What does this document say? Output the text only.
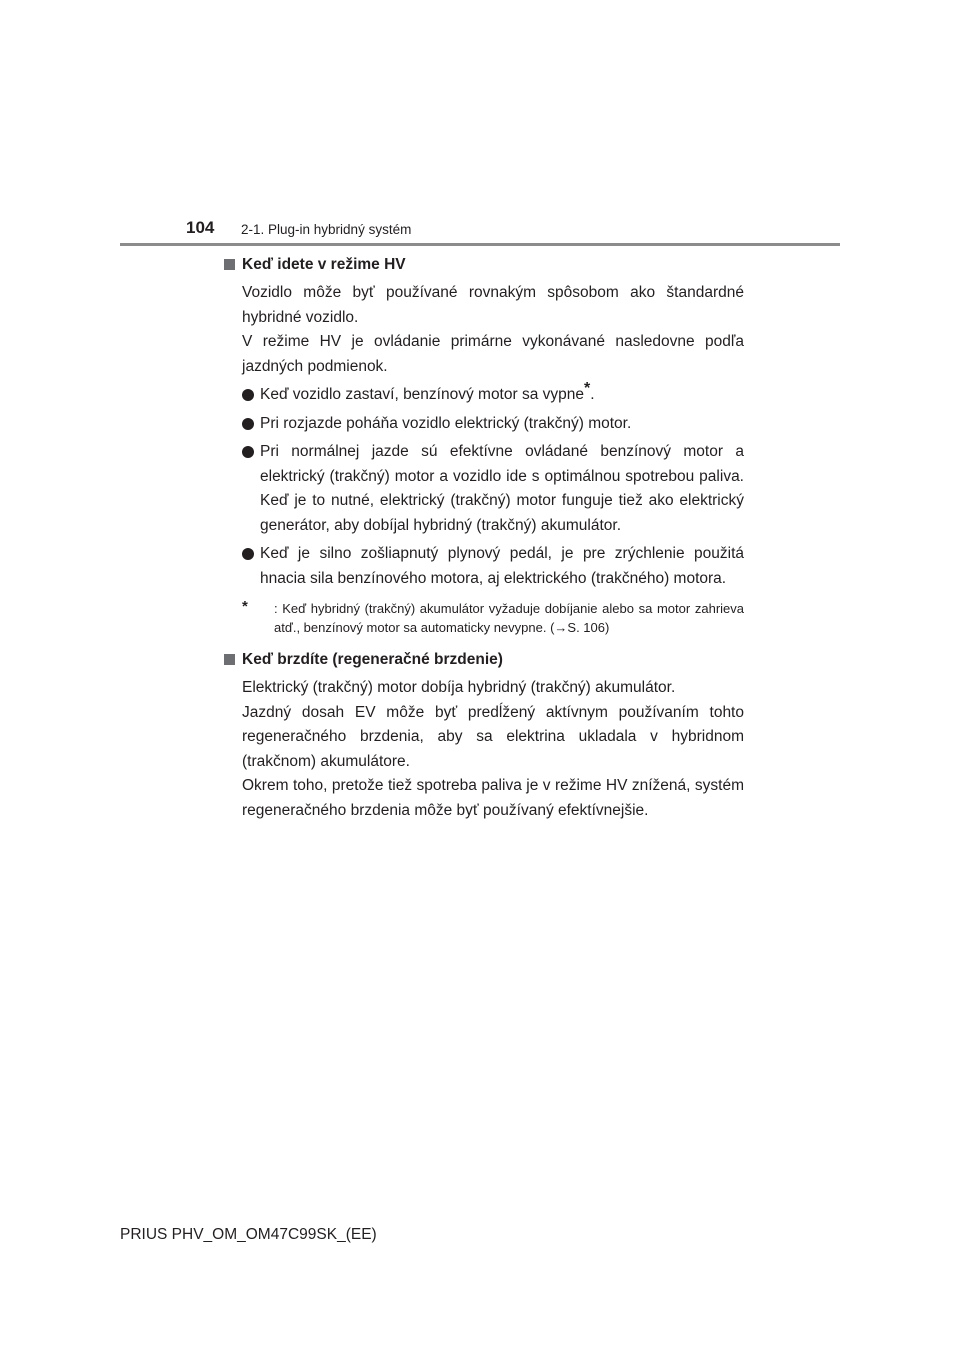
104 2-1. Plug-in hybridný systém
Keď idete v režime HV

Vozidlo môže byť používané rovnakým spôsobom ako štandardné hybridné vozidlo.

V režime HV je ovládanie primárne vykonávané nasledovne podľa jazdných podmienok.

Keď vozidlo zastaví, benzínový motor sa vypne*.
Pri rozjazde poháňa vozidlo elektrický (trakčný) motor.
Pri normálnej jazde sú efektívne ovládané benzínový motor a elektrický (trakčný) motor a vozidlo ide s optimálnou spotrebou paliva. Keď je to nutné, elektrický (trakčný) motor funguje tiež ako elektrický generátor, aby dobíjal hybridný (trakčný) akumulátor.
Keď je silno zošliapnutý plynový pedál, je pre zrýchlenie použitá hnacia sila benzínového motora, aj elektrického (trakčného) motora.
* : Keď hybridný (trakčný) akumulátor vyžaduje dobíjanie alebo sa motor zahrieva atď., benzínový motor sa automaticky nevypne. (→S. 106)
Keď brzdíte (regeneračné brzdenie)

Elektrický (trakčný) motor dobíja hybridný (trakčný) akumulátor.

Jazdný dosah EV môže byť predĺžený aktívnym používaním tohto regeneračného brzdenia, aby sa elektrina ukladala v hybridnom (trakčnom) akumulátore.

Okrem toho, pretože tiež spotreba paliva je v režime HV znížená, systém regeneračného brzdenia môže byť používaný efektívnejšie.

PRIUS PHV_OM_OM47C99SK_(EE)
